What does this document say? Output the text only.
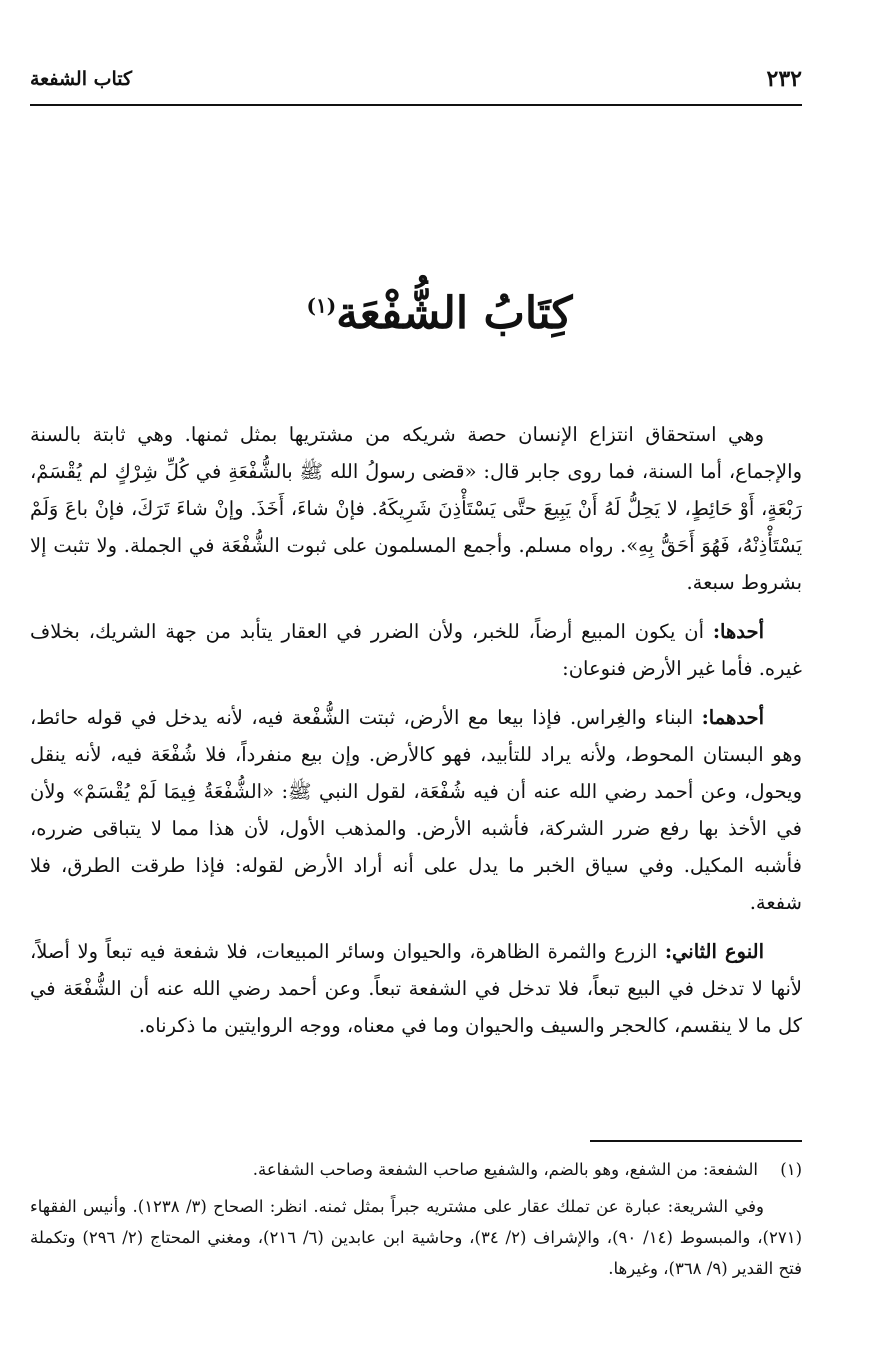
٢٣٢
كتاب الشفعة
كِتَابُ الشُّفْعَة$^{(١)}$

وهي استحقاق انتزاع الإنسان حصة شريكه من مشتريها بمثل ثمنها. وهي ثابتة بالسنة والإجماع، أما السنة، فما روى جابر قال: «قضى رسولُ الله ﷺ بالشُّفْعَةِ في كُلِّ شِرْكٍ لم يُقْسَمْ، رَبْعَةٍ، أَوْ حَائِطٍ، لا يَحِلُّ لَهُ أَنْ يَبِيعَ حتَّى يَسْتَأْذِنَ شَرِيكَهُ. فإنْ شاءَ، أَخَذَ. وإنْ شاءَ تَرَكَ، فإنْ باعَ وَلَمْ يَسْتَأْذِنْهُ، فَهُوَ أَحَقُّ بِهِ». رواه مسلم. وأجمع المسلمون على ثبوت الشُّفْعَة في الجملة. ولا تثبت إلا بشروط سبعة.

أحدها: أن يكون المبيع أرضاً، للخبر، ولأن الضرر في العقار يتأبد من جهة الشريك، بخلاف غيره. فأما غير الأرض فنوعان:

أحدهما: البناء والغِراس. فإذا بيعا مع الأرض، ثبتت الشُّفْعة فيه، لأنه يدخل في قوله حائط، وهو البستان المحوط، ولأنه يراد للتأبيد، فهو كالأرض. وإن بيع منفرداً، فلا شُفْعَة فيه، لأنه ينقل ويحول، وعن أحمد رضي الله عنه أن فيه شُفْعَة، لقول النبي ﷺ: «الشُّفْعَةُ فِيمَا لَمْ يُقْسَمْ» ولأن في الأخذ بها رفع ضرر الشركة، فأشبه الأرض. والمذهب الأول، لأن هذا مما لا يتباقى ضرره، فأشبه المكيل. وفي سياق الخبر ما يدل على أنه أراد الأرض لقوله: فإذا طرقت الطرق، فلا شفعة.

النوع الثاني: الزرع والثمرة الظاهرة، والحيوان وسائر المبيعات، فلا شفعة فيه تبعاً ولا أصلاً، لأنها لا تدخل في البيع تبعاً، فلا تدخل في الشفعة تبعاً. وعن أحمد رضي الله عنه أن الشُّفْعَة في كل ما لا ينقسم، كالحجر والسيف والحيوان وما في معناه، ووجه الروايتين ما ذكرناه.

(١)الشفعة: من الشفع، وهو بالضم، والشفيع صاحب الشفعة وصاحب الشفاعة.

وفي الشريعة: عبارة عن تملك عقار على مشتريه جبراً بمثل ثمنه. انظر: الصحاح (٣/ ١٢٣٨). وأنيس الفقهاء (٢٧١)، والمبسوط (١٤/ ٩٠)، والإشراف (٢/ ٣٤)، وحاشية ابن عابدين (٦/ ٢١٦)، ومغني المحتاج (٢/ ٢٩٦) وتكملة فتح القدير (٩/ ٣٦٨)، وغيرها.
